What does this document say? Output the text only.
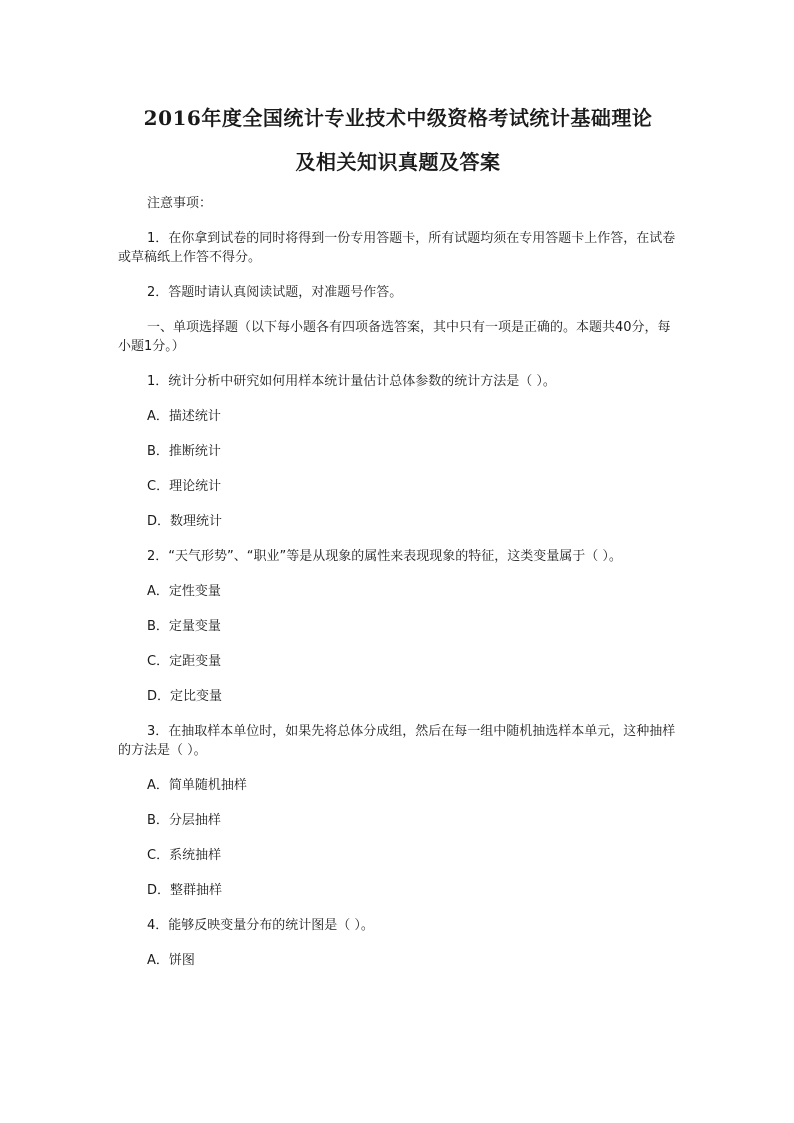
2016年度全国统计专业技术中级资格考试统计基础理论
及相关知识真题及答案

注意事项：

1．在你拿到试卷的同时将得到一份专用答题卡，所有试题均须在专用答题卡上作答，在试卷或草稿纸上作答不得分。

2．答题时请认真阅读试题，对准题号作答。

一、单项选择题（以下每小题各有四项备选答案，其中只有一项是正确的。本题共40分，每小题1分。）

1．统计分析中研究如何用样本统计量估计总体参数的统计方法是（ ）。

A．描述统计

B．推断统计

C．理论统计

D．数理统计

2．“天气形势”、“职业”等是从现象的属性来表现现象的特征，这类变量属于（ ）。

A．定性变量

B．定量变量

C．定距变量

D．定比变量

3．在抽取样本单位时，如果先将总体分成组，然后在每一组中随机抽选样本单元，这种抽样的方法是（ ）。

A．简单随机抽样

B．分层抽样

C．系统抽样

D．整群抽样

4．能够反映变量分布的统计图是（ ）。

A．饼图
